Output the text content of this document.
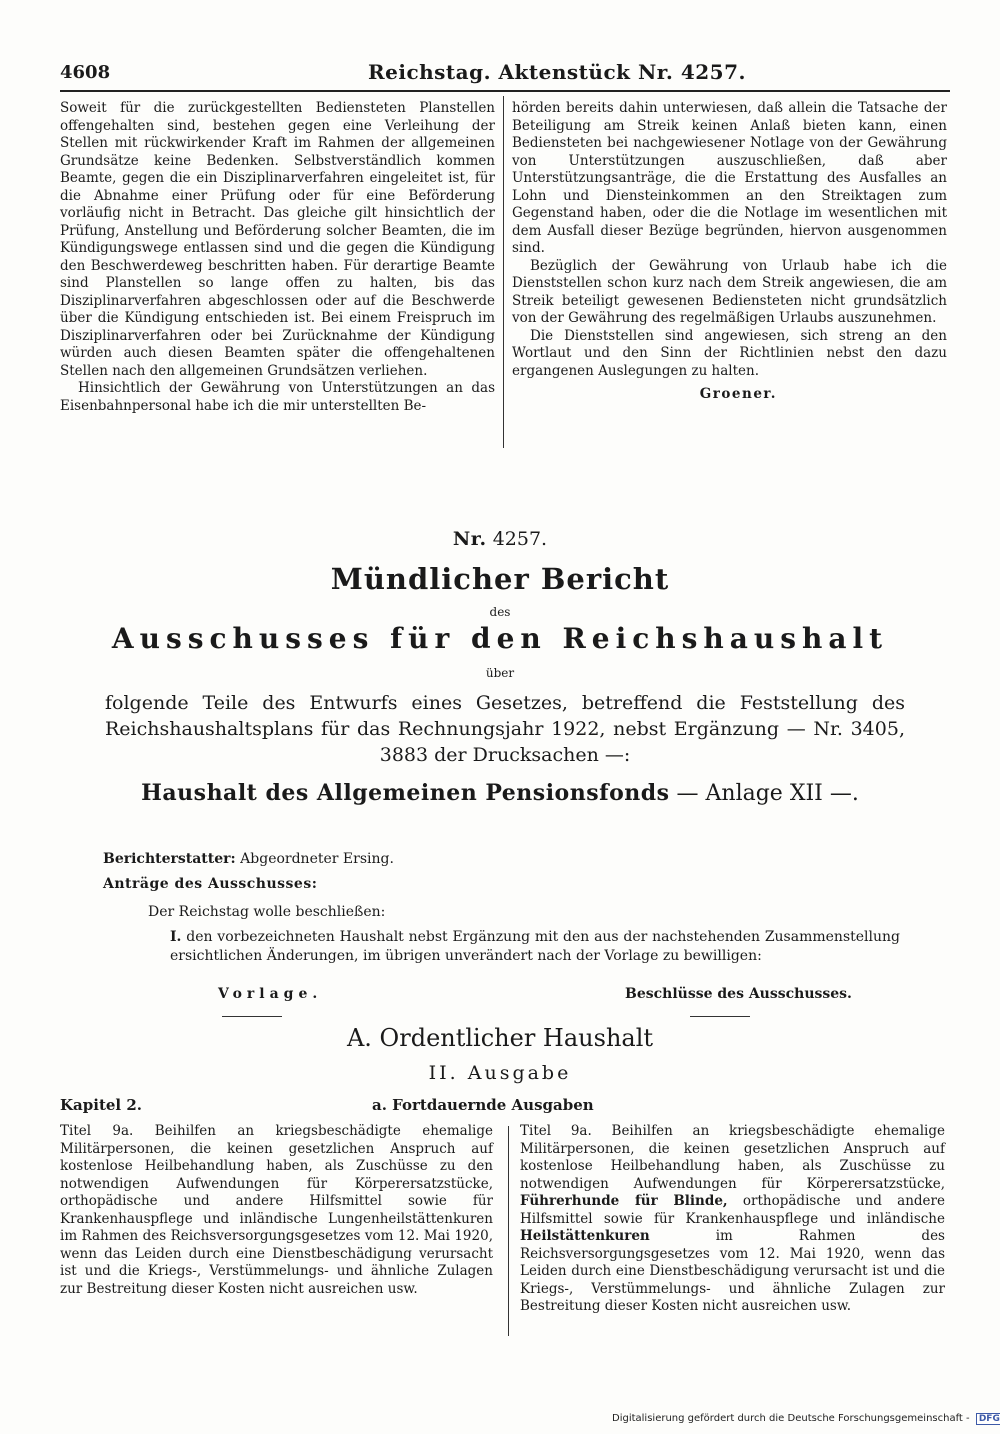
4608	Reichstag. Aktenstück Nr. 4257.

Soweit für die zurückgestellten Bediensteten Planstellen offengehalten sind, bestehen gegen eine Verleihung der Stellen mit rückwirkender Kraft im Rahmen der allgemeinen Grundsätze keine Bedenken. Selbstverständlich kommen Beamte, gegen die ein Disziplinarverfahren eingeleitet ist, für die Abnahme einer Prüfung oder für eine Beförderung vorläufig nicht in Betracht. Das gleiche gilt hinsichtlich der Prüfung, Anstellung und Beförderung solcher Beamten, die im Kündigungswege entlassen sind und die gegen die Kündigung den Beschwerdeweg beschritten haben. Für derartige Beamte sind Planstellen so lange offen zu halten, bis das Disziplinarverfahren abgeschlossen oder auf die Beschwerde über die Kündigung entschieden ist. Bei einem Freispruch im Disziplinarverfahren oder bei Zurücknahme der Kündigung würden auch diesen Beamten später die offengehaltenen Stellen nach den allgemeinen Grundsätzen verliehen.

Hinsichtlich der Gewährung von Unterstützungen an das Eisenbahnpersonal habe ich die mir unterstellten Be-

hörden bereits dahin unterwiesen, daß allein die Tatsache der Beteiligung am Streik keinen Anlaß bieten kann, einen Bediensteten bei nachgewiesener Notlage von der Gewährung von Unterstützungen auszuschließen, daß aber Unterstützungsanträge, die die Erstattung des Ausfalles an Lohn und Diensteinkommen an den Streiktagen zum Gegenstand haben, oder die die Notlage im wesentlichen mit dem Ausfall dieser Bezüge begründen, hiervon ausgenommen sind.

Bezüglich der Gewährung von Urlaub habe ich die Dienststellen schon kurz nach dem Streik angewiesen, die am Streik beteiligt gewesenen Bediensteten nicht grundsätzlich von der Gewährung des regelmäßigen Urlaubs auszunehmen.

Die Dienststellen sind angewiesen, sich streng an den Wortlaut und den Sinn der Richtlinien nebst den dazu ergangenen Auslegungen zu halten.

Groener.
Nr. 4257.
Mündlicher Bericht
des
Ausschusses für den Reichshaushalt
über
folgende Teile des Entwurfs eines Gesetzes, betreffend die Feststellung des Reichshaushaltsplans für das Rechnungsjahr 1922, nebst Ergänzung — Nr. 3405, 3883 der Drucksachen —:
Haushalt des Allgemeinen Pensionsfonds — Anlage XII —.
Berichterstatter: Abgeordneter Ersing.
Anträge des Ausschusses:
Der Reichstag wolle beschließen:
I. den vorbezeichneten Haushalt nebst Ergänzung mit den aus der nachstehenden Zusammenstellung ersichtlichen Änderungen, im übrigen unverändert nach der Vorlage zu bewilligen:
Vorlage.	Beschlüsse des Ausschusses.
A. Ordentlicher Haushalt
II. Ausgabe
Kapitel 2.	a. Fortdauernde Ausgaben

Titel 9a. Beihilfen an kriegsbeschädigte ehemalige Militärpersonen, die keinen gesetzlichen Anspruch auf kostenlose Heilbehandlung haben, als Zuschüsse zu den notwendigen Aufwendungen für Körperersatzstücke, orthopädische und andere Hilfsmittel sowie für Krankenhauspflege und inländische Lungenheilstättenkuren im Rahmen des Reichsversorgungsgesetzes vom 12. Mai 1920, wenn das Leiden durch eine Dienstbeschädigung verursacht ist und die Kriegs-, Verstümmelungs- und ähnliche Zulagen zur Bestreitung dieser Kosten nicht ausreichen usw.

Titel 9a. Beihilfen an kriegsbeschädigte ehemalige Militärpersonen, die keinen gesetzlichen Anspruch auf kostenlose Heilbehandlung haben, als Zuschüsse zu notwendigen Aufwendungen für Körperersatzstücke, Führerhunde für Blinde, orthopädische und andere Hilfsmittel sowie für Krankenhauspflege und inländische Heilstättenkuren	im Rahmen des Reichsversorgungsgesetzes vom 12. Mai 1920, wenn das Leiden durch eine Dienstbeschädigung verursacht ist und die Kriegs-, Verstümmelungs- und ähnliche Zulagen zur Bestreitung dieser Kosten nicht ausreichen usw.

Digitalisierung gefördert durch die Deutsche Forschungsgemeinschaft - DFG
